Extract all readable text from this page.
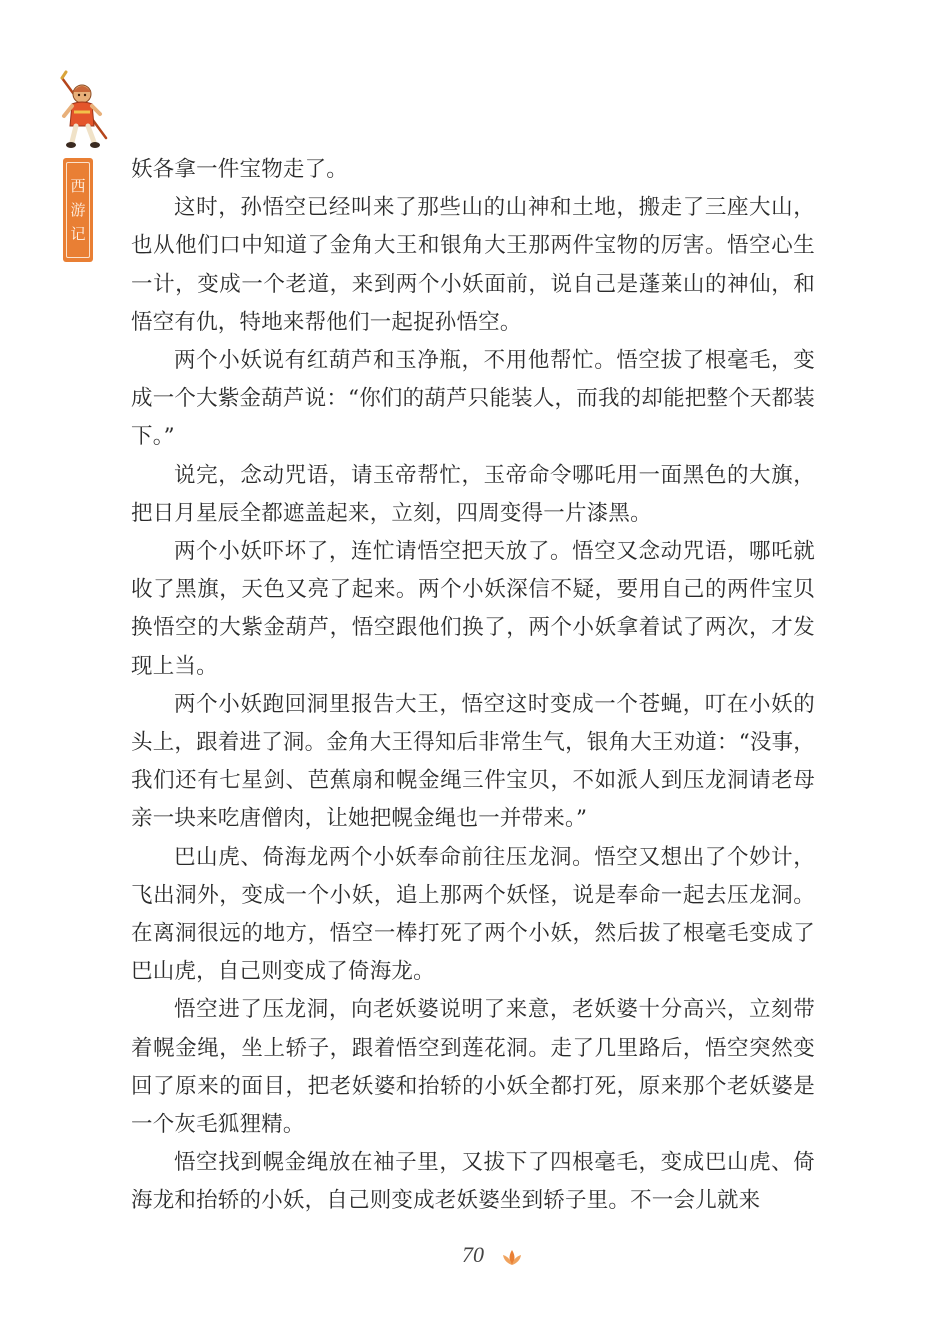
西
游
记

妖各拿一件宝物走了。

这时，孙悟空已经叫来了那些山的山神和土地，搬走了三座大山，也从他们口中知道了金角大王和银角大王那两件宝物的厉害。悟空心生一计，变成一个老道，来到两个小妖面前，说自己是蓬莱山的神仙，和悟空有仇，特地来帮他们一起捉孙悟空。

两个小妖说有红葫芦和玉净瓶，不用他帮忙。悟空拔了根毫毛，变成一个大紫金葫芦说：“你们的葫芦只能装人，而我的却能把整个天都装下。”

说完，念动咒语，请玉帝帮忙，玉帝命令哪吒用一面黑色的大旗，把日月星辰全都遮盖起来，立刻，四周变得一片漆黑。

两个小妖吓坏了，连忙请悟空把天放了。悟空又念动咒语，哪吒就收了黑旗，天色又亮了起来。两个小妖深信不疑，要用自己的两件宝贝换悟空的大紫金葫芦，悟空跟他们换了，两个小妖拿着试了两次，才发现上当。

两个小妖跑回洞里报告大王，悟空这时变成一个苍蝇，叮在小妖的头上，跟着进了洞。金角大王得知后非常生气，银角大王劝道：“没事，我们还有七星剑、芭蕉扇和幌金绳三件宝贝，不如派人到压龙洞请老母亲一块来吃唐僧肉，让她把幌金绳也一并带来。”

巴山虎、倚海龙两个小妖奉命前往压龙洞。悟空又想出了个妙计，飞出洞外，变成一个小妖，追上那两个妖怪，说是奉命一起去压龙洞。在离洞很远的地方，悟空一棒打死了两个小妖，然后拔了根毫毛变成了巴山虎，自己则变成了倚海龙。

悟空进了压龙洞，向老妖婆说明了来意，老妖婆十分高兴，立刻带着幌金绳，坐上轿子，跟着悟空到莲花洞。走了几里路后，悟空突然变回了原来的面目，把老妖婆和抬轿的小妖全都打死，原来那个老妖婆是一个灰毛狐狸精。

悟空找到幌金绳放在袖子里，又拔下了四根毫毛，变成巴山虎、倚海龙和抬轿的小妖，自己则变成老妖婆坐到轿子里。不一会儿就来

70
